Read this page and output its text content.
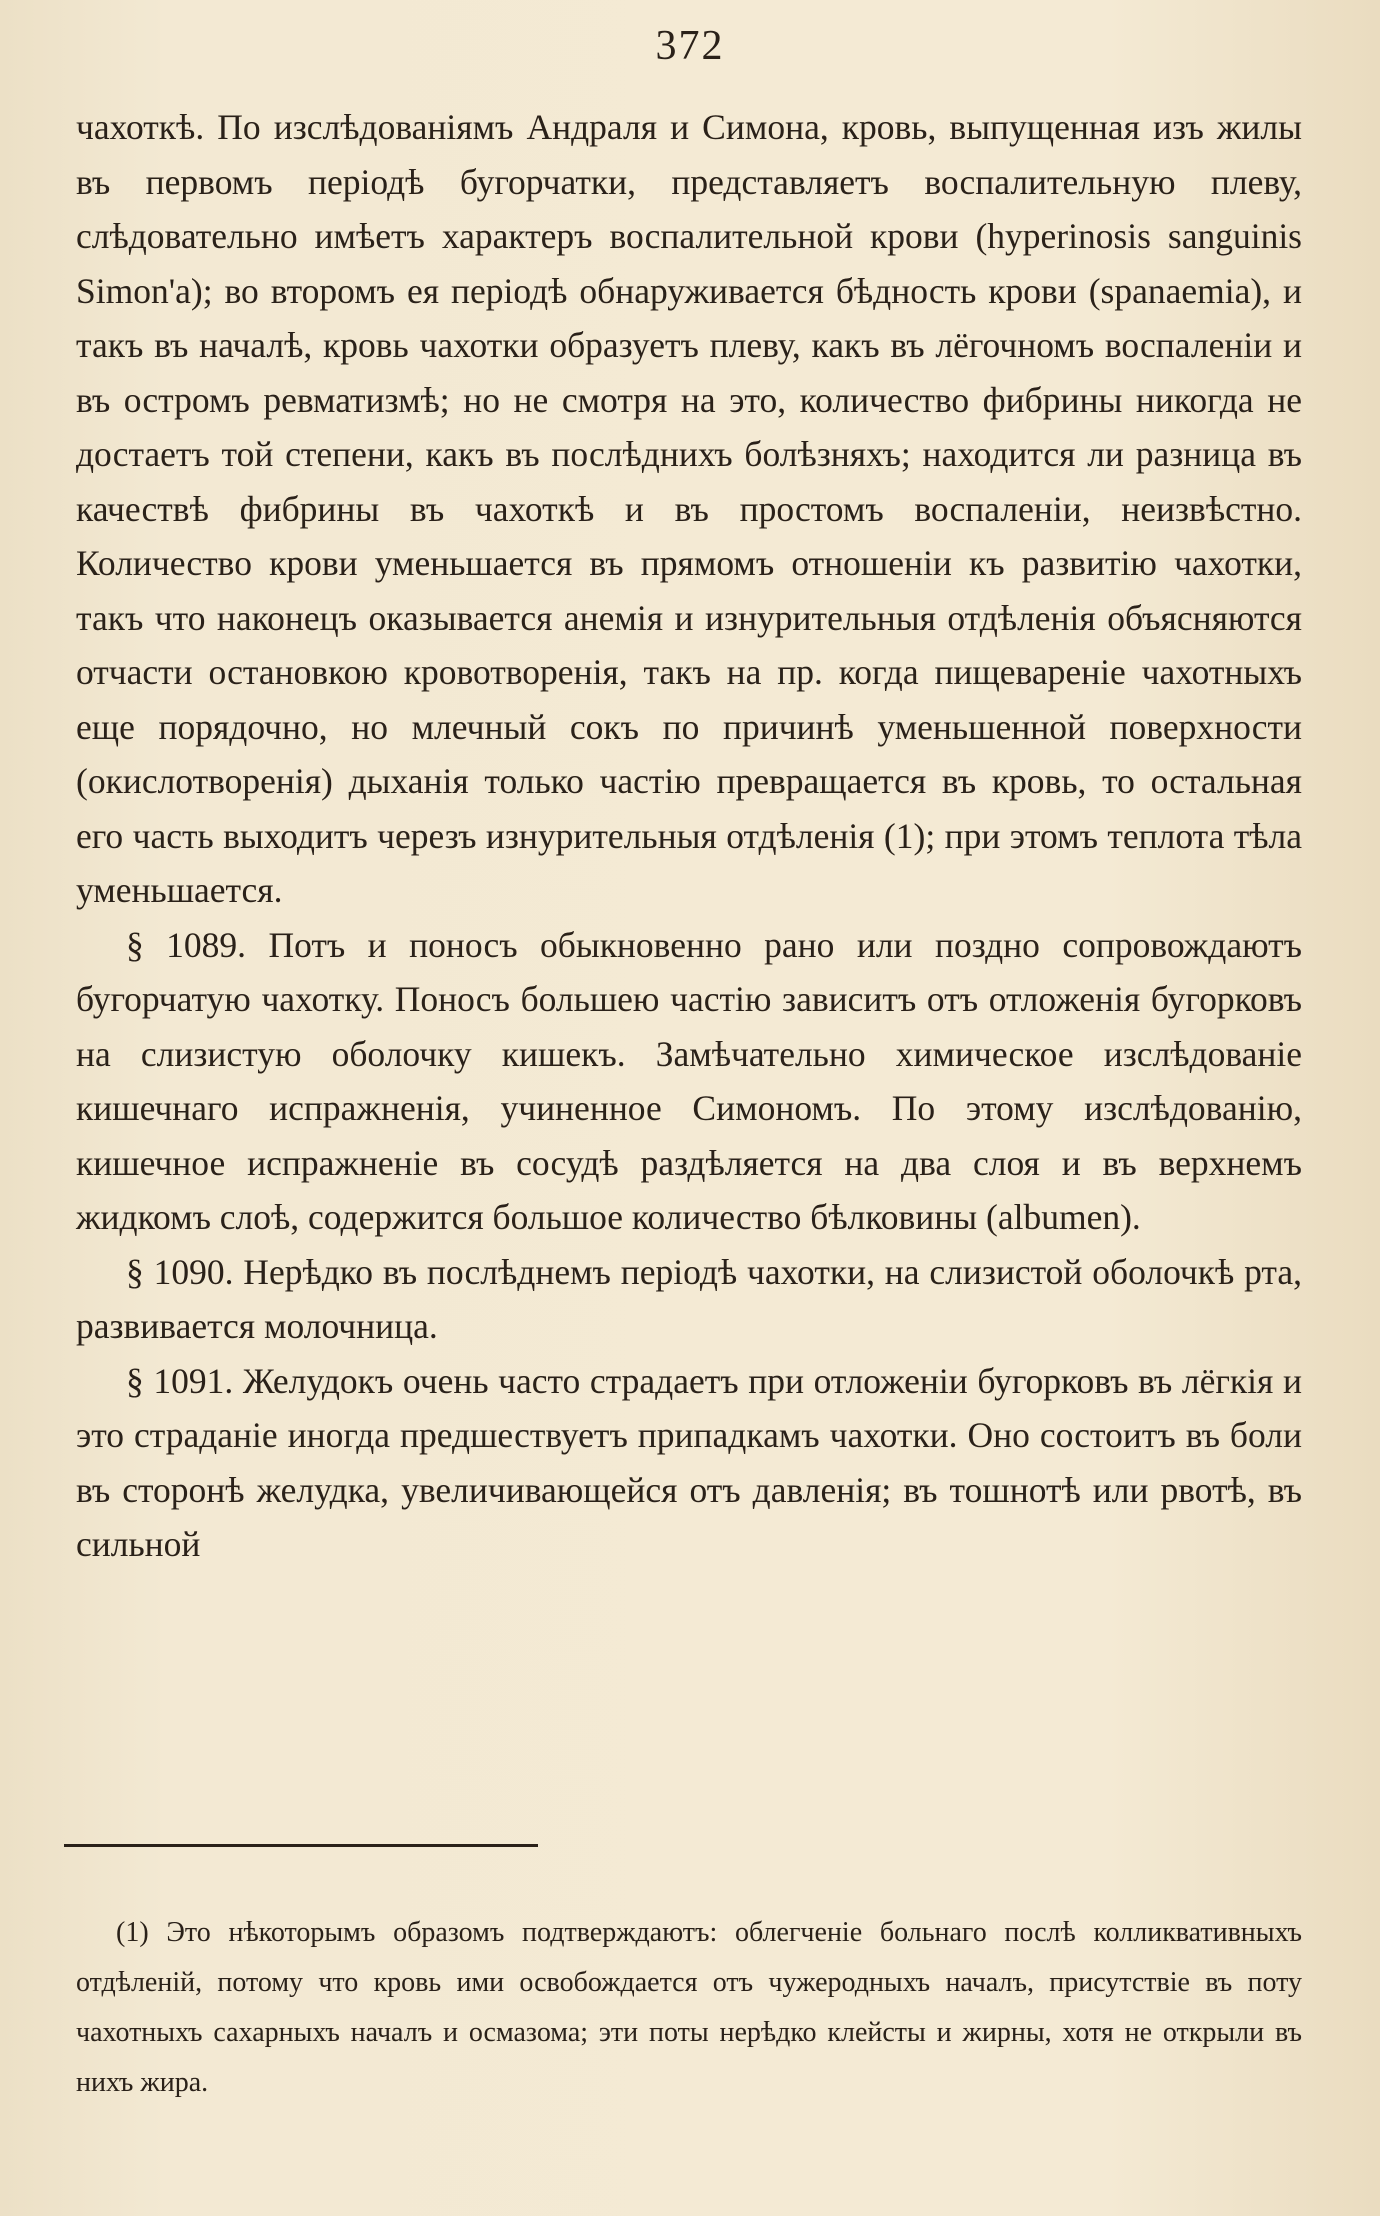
372

чахоткѣ. По изслѣдованіямъ Андраля и Симона, кровь, выпущенная изъ жилы въ первомъ періодѣ бугорчатки, представляетъ воспалительную плеву, слѣдовательно имѣетъ характеръ воспалительной крови (hyperinosis sanguinis Simon'a); во второмъ ея періодѣ обнаруживается бѣдность крови (spanaemia), и такъ въ началѣ, кровь чахотки образуетъ плеву, какъ въ лёгочномъ воспаленіи и въ остромъ ревматизмѣ; но не смотря на это, количество фибрины никогда не достаетъ той степени, какъ въ послѣднихъ болѣзняхъ; находится ли разница въ качествѣ фибрины въ чахоткѣ и въ простомъ воспаленіи, неизвѣстно. Количество крови уменьшается въ прямомъ отношеніи къ развитію чахотки, такъ что наконецъ оказывается анемія и изнурительныя отдѣленія объясняются отчасти остановкою кровотворенія, такъ на пр. когда пищевареніе чахотныхъ еще порядочно, но млечный сокъ по причинѣ уменьшенной поверхности (окислотворенія) дыханія только частію превращается въ кровь, то остальная его часть выходитъ черезъ изнурительныя отдѣленія (1); при этомъ теплота тѣла уменьшается.

§ 1089. Потъ и поносъ обыкновенно рано или поздно сопровождаютъ бугорчатую чахотку. Поносъ большею частію зависитъ отъ отложенія бугорковъ на слизистую оболочку кишекъ. Замѣчательно химическое изслѣдованіе кишечнаго испражненія, учиненное Симономъ. По этому изслѣдованію, кишечное испражненіе въ сосудѣ раздѣляется на два слоя и въ верхнемъ жидкомъ слоѣ, содержится большое количество бѣлковины (albumen).

§ 1090. Нерѣдко въ послѣднемъ періодѣ чахотки, на слизистой оболочкѣ рта, развивается молочница.

§ 1091. Желудокъ очень часто страдаетъ при отложеніи бугорковъ въ лёгкія и это страданіе иногда предшествуетъ припадкамъ чахотки. Оно состоитъ въ боли въ сторонѣ желудка, увеличивающейся отъ давленія; въ тошнотѣ или рвотѣ, въ сильной

(1) Это нѣкоторымъ образомъ подтверждаютъ: облегченіе больнаго послѣ колликвативныхъ отдѣленій, потому что кровь ими освобождается отъ чужеродныхъ началъ, присутствіе въ поту чахотныхъ сахарныхъ началъ и осмазома; эти поты нерѣдко клейсты и жирны, хотя не открыли въ нихъ жира.
